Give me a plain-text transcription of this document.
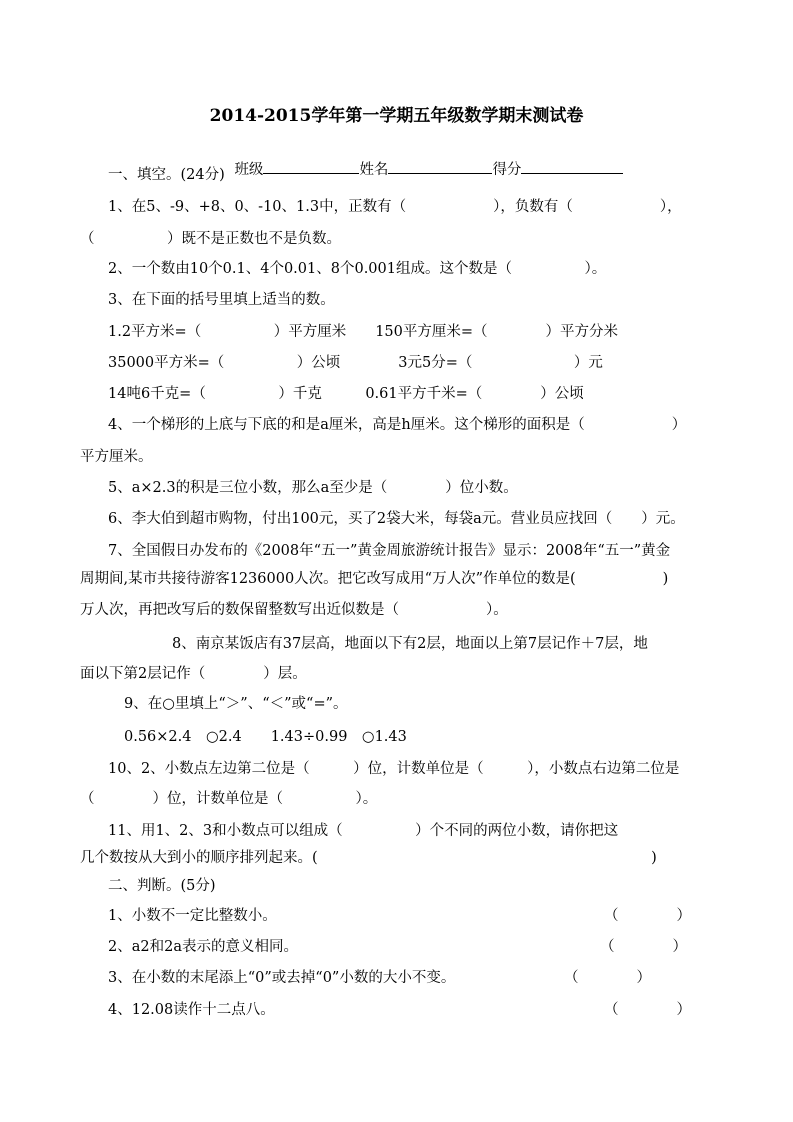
2014-2015学年第一学期五年级数学期末测试卷

班级	姓名	得分

一、填空。(24分)
1、在5、-9、+8、0、-10、1.3中，正数有（　　　　　　），负数有（　　　　　　），
（　　　　　）既不是正数也不是负数。
2、一个数由10个0.1、4个0.01、8个0.001组成。这个数是（　　　　　）。
3、在下面的括号里填上适当的数。
1.2平方米=（　　　　　）平方厘米　　150平方厘米=（　　　　）平方分米
35000平方米=（　　　　　）公顷　　　　3元5分=（　　　　　　　）元
14吨6千克=（　　　　　）千克　　　0.61平方千米=（　　　　）公顷
4、一个梯形的上底与下底的和是a厘米，高是h厘米。这个梯形的面积是（　　　　　　）
平方厘米。
5、a×2.3的积是三位小数，那么a至少是（　　　　）位小数。
6、李大伯到超市购物，付出100元，买了2袋大米，每袋a元。营业员应找回（　　）元。
7、全国假日办发布的《2008年“五一”黄金周旅游统计报告》显示：2008年“五一”黄金
周期间,某市共接待游客1236000人次。把它改写成用“万人次”作单位的数是(　　　　　　)
万人次，再把改写后的数保留整数写出近似数是（　　　　　　）。
8、南京某饭店有37层高，地面以下有2层，地面以上第7层记作＋7层，地
面以下第2层记作（　　　　）层。
9、在○里填上“＞”、“＜”或“=”。
0.56×2.4　○2.4　　1.43÷0.99　○1.43
10、2、小数点左边第二位是（　　　）位，计数单位是（　　　），小数点右边第二位是
（　　　　）位，计数单位是（　　　　　）。
11、用1、2、3和小数点可以组成（　　　　　）个不同的两位小数，请你把这
几个数按从大到小的顺序排列起来。(　　　　　　　　　　　　　　　　　　　　　　　)
二、判断。(5分)
1、小数不一定比整数小。	（　　　　）
2、a2和2a表示的意义相同。	（　　　　）
3、在小数的末尾添上“0”或去掉“0”小数的大小不变。	（　　　　）
4、12.08读作十二点八。	（　　　　）
